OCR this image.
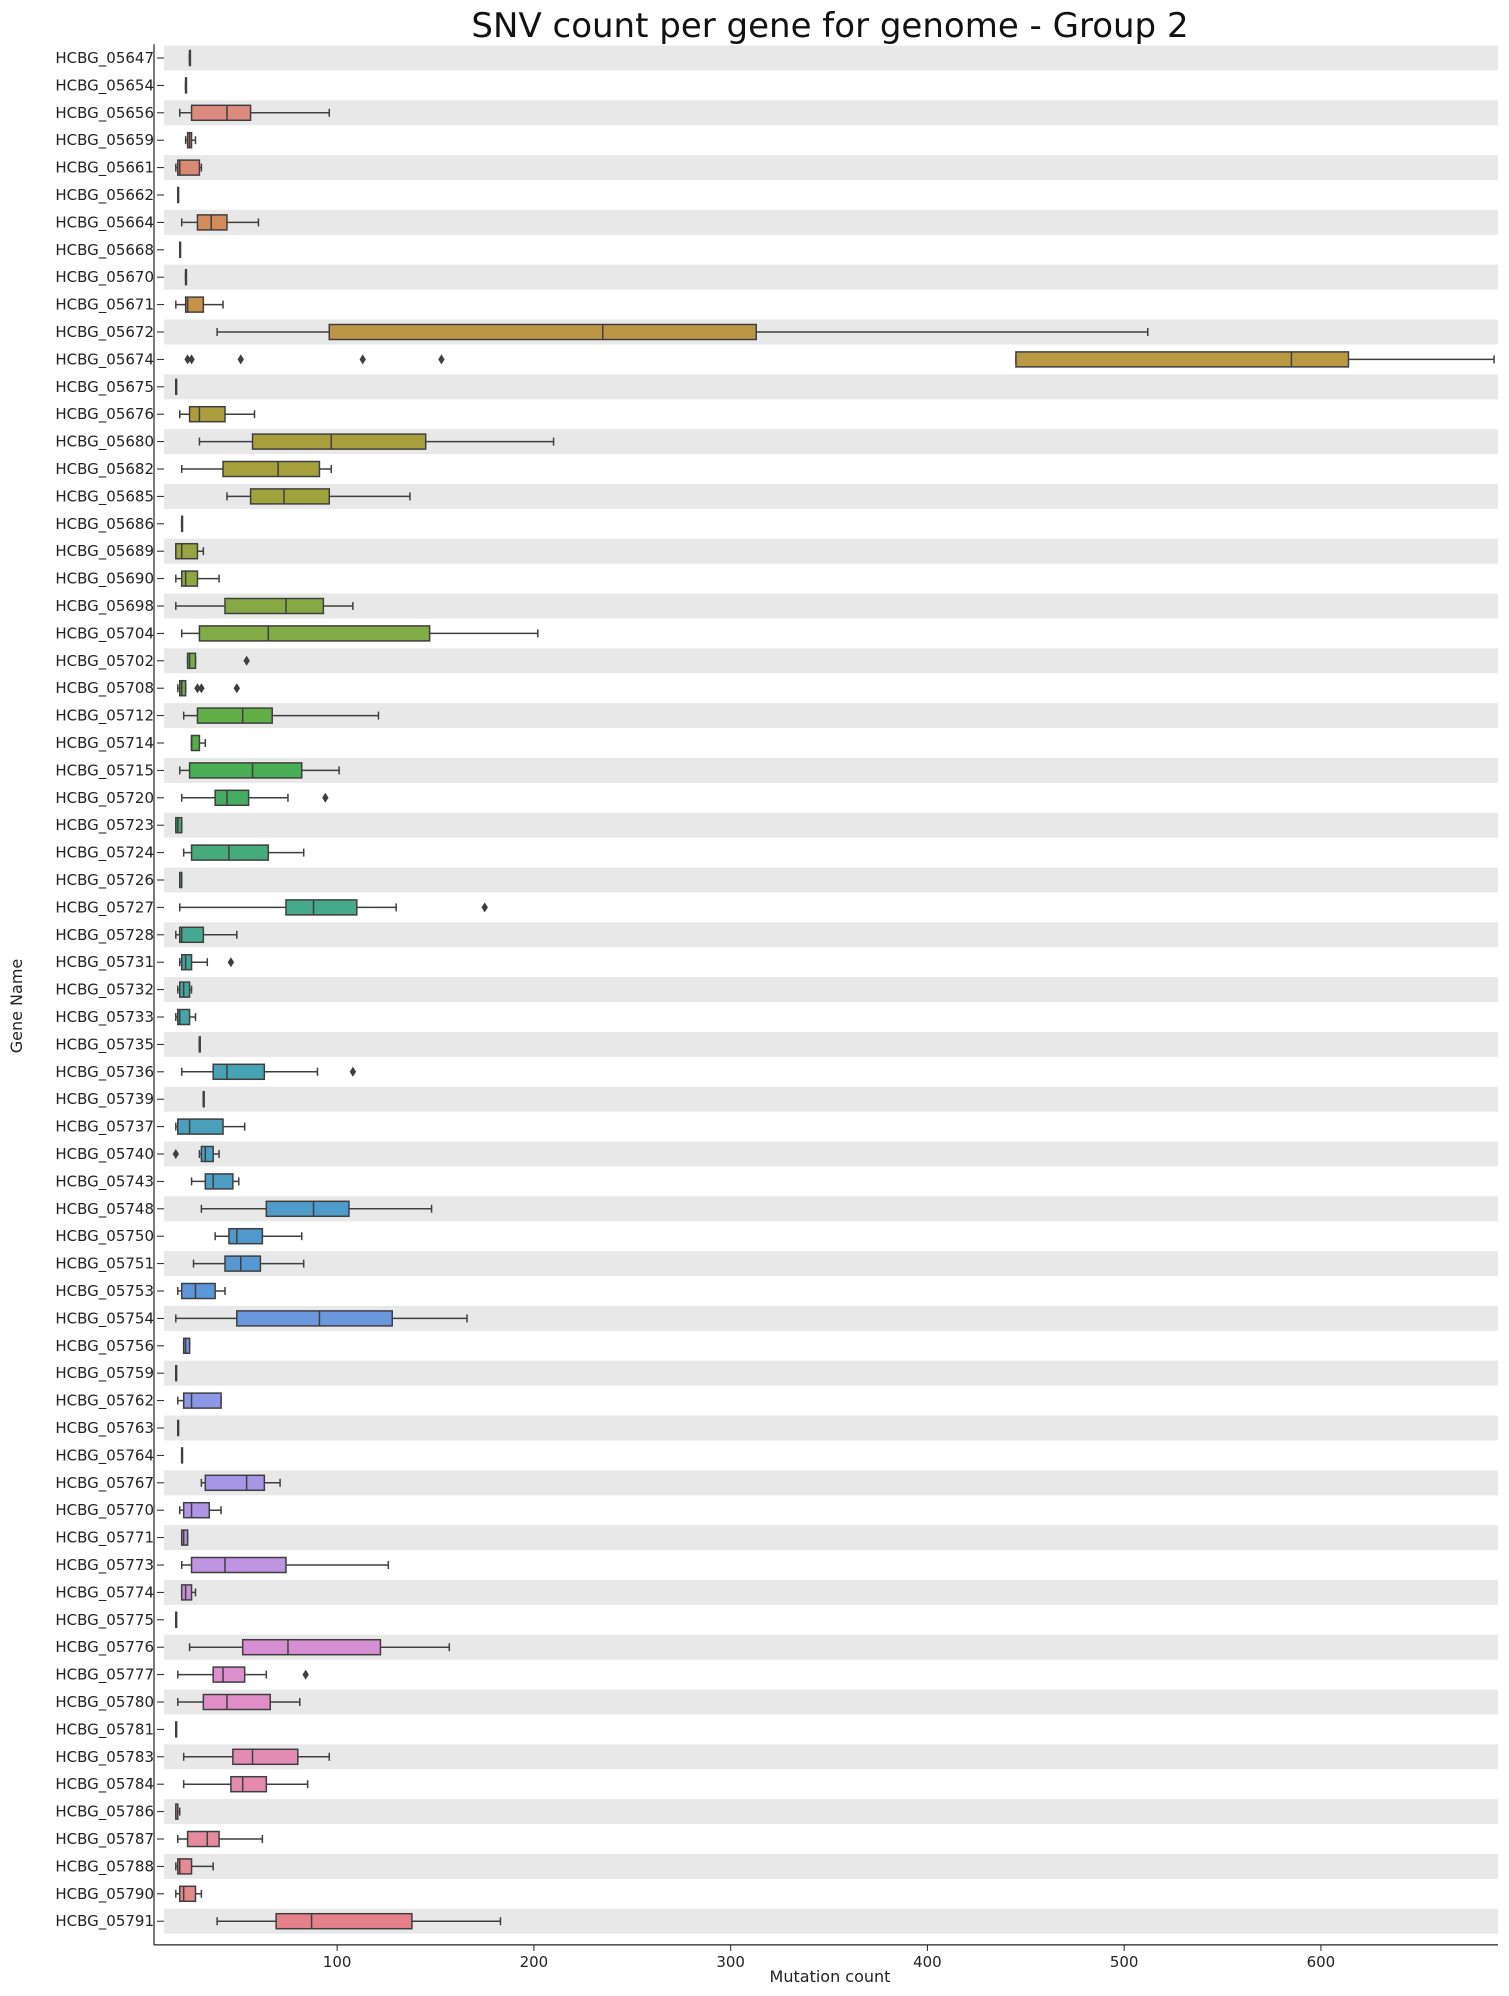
SNV count per gene for genome - Group 2
HCBG_05647
HCBG_05654
HCBG_05656
HCBG_05659
HCBG_05661
HCBG_05662
HCBG_05664
HCBG_05668
HCBG_05670
HCBG_05671
HCBG_05672
HCBG_05674
HCBG_05675
HCBG_05676
HCBG_05680
HCBG_05682
HCBG_05685
HCBG_05686
HCBG_05689
HCBG_05690
HCBG_05698
HCBG_05704
HCBG_05702
HCBG_05708
HCBG_05712
HCBG_05714
HCBG_05715
HCBG_05720
HCBG_05723
HCBG_05724
HCBG_05726
HCBG_05727
HCBG_05728
HCBG_05731
HCBG_05732
HCBG_05733
HCBG_05735
HCBG_05736
HCBG_05739
HCBG_05737
HCBG_05740
HCBG_05743
HCBG_05748
HCBG_05750
HCBG_05751
HCBG_05753
HCBG_05754
HCBG_05756
HCBG_05759
HCBG_05762
HCBG_05763
HCBG_05764
HCBG_05767
HCBG_05770
HCBG_05771
HCBG_05773
HCBG_05774
HCBG_05775
HCBG_05776
HCBG_05777
HCBG_05780
HCBG_05781
HCBG_05783
HCBG_05784
HCBG_05786
HCBG_05787
HCBG_05788
HCBG_05790
HCBG_05791
100	200	300	400	500	600
Mutation count
Gene Name
